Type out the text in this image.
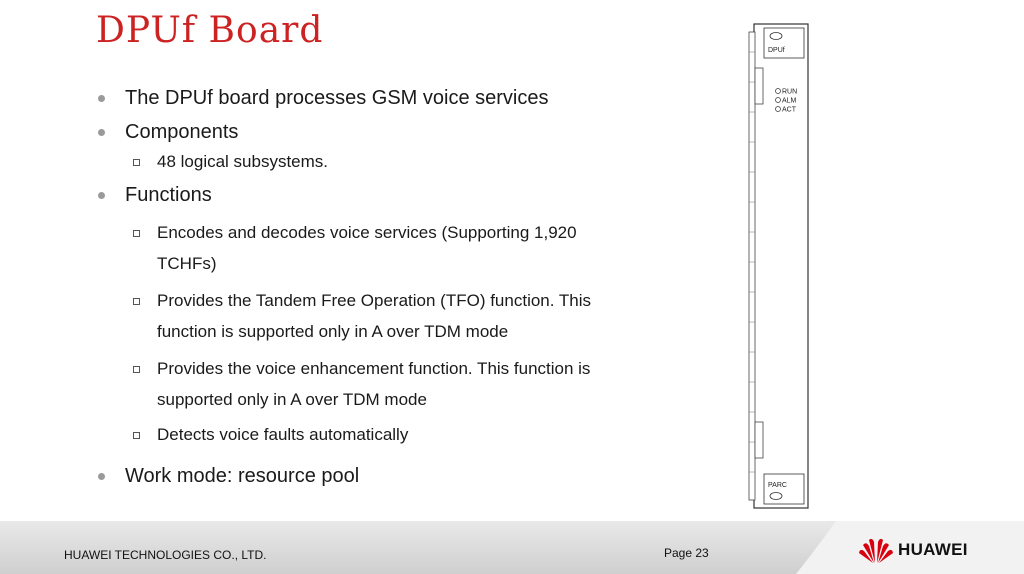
DPUf Board
The DPUf board processes GSM voice services
Components
48 logical subsystems.
Functions
Encodes and decodes voice services (Supporting 1,920
TCHFs)
Provides the Tandem Free Operation (TFO) function. This
function is supported only in A over TDM mode
Provides the voice enhancement function. This function is
supported only in A over TDM mode
Detects voice faults automatically
Work mode: resource pool
DPUf
RUN
ALM
ACT
PARC
HUAWEI TECHNOLOGIES CO., LTD.	Page 23	HUAWEI
